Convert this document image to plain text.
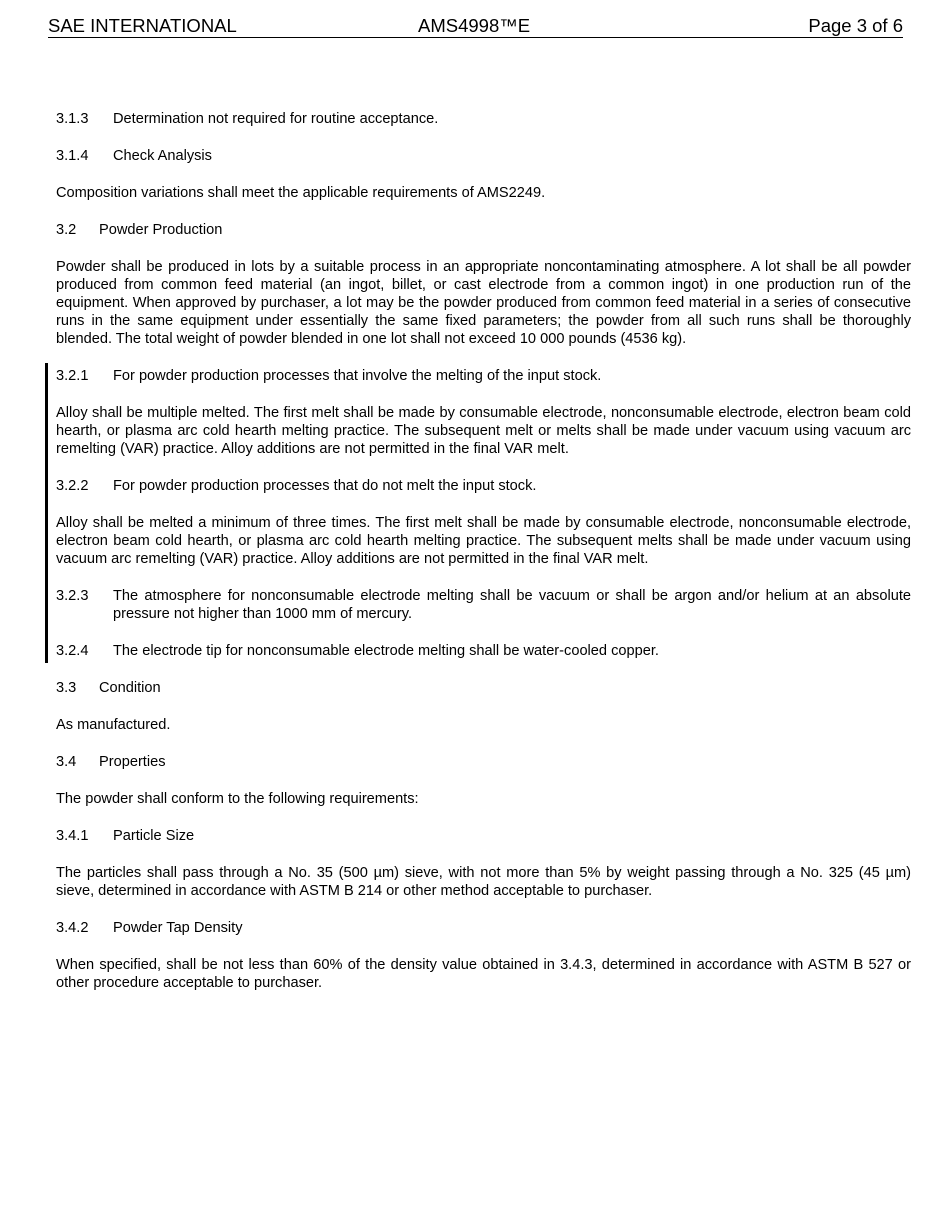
SAE INTERNATIONAL	AMS4998™E	Page 3 of 6
3.1.3	Determination not required for routine acceptance.
3.1.4	Check Analysis

Composition variations shall meet the applicable requirements of AMS2249.

3.2	Powder Production

Powder shall be produced in lots by a suitable process in an appropriate noncontaminating atmosphere. A lot shall be all powder produced from common feed material (an ingot, billet, or cast electrode from a common ingot) in one production run of the equipment. When approved by purchaser, a lot may be the powder produced from common feed material in a series of consecutive runs in the same equipment under essentially the same fixed parameters; the powder from all such runs shall be thoroughly blended. The total weight of powder blended in one lot shall not exceed 10 000 pounds (4536 kg).

3.2.1	For powder production processes that involve the melting of the input stock.

Alloy shall be multiple melted. The first melt shall be made by consumable electrode, nonconsumable electrode, electron beam cold hearth, or plasma arc cold hearth melting practice. The subsequent melt or melts shall be made under vacuum using vacuum arc remelting (VAR) practice. Alloy additions are not permitted in the final VAR melt.

3.2.2	For powder production processes that do not melt the input stock.

Alloy shall be melted a minimum of three times. The first melt shall be made by consumable electrode, nonconsumable electrode, electron beam cold hearth, or plasma arc cold hearth melting practice. The subsequent melts shall be made under vacuum using vacuum arc remelting (VAR) practice. Alloy additions are not permitted in the final VAR melt.

3.2.3	The atmosphere for nonconsumable electrode melting shall be vacuum or shall be argon and/or helium at an absolute pressure not higher than 1000 mm of mercury.
3.2.4	The electrode tip for nonconsumable electrode melting shall be water-cooled copper.
3.3	Condition

As manufactured.

3.4	Properties

The powder shall conform to the following requirements:

3.4.1	Particle Size

The particles shall pass through a No. 35 (500 µm) sieve, with not more than 5% by weight passing through a No. 325 (45 µm) sieve, determined in accordance with ASTM B 214 or other method acceptable to purchaser.

3.4.2	Powder Tap Density

When specified, shall be not less than 60% of the density value obtained in 3.4.3, determined in accordance with ASTM B 527 or other procedure acceptable to purchaser.
